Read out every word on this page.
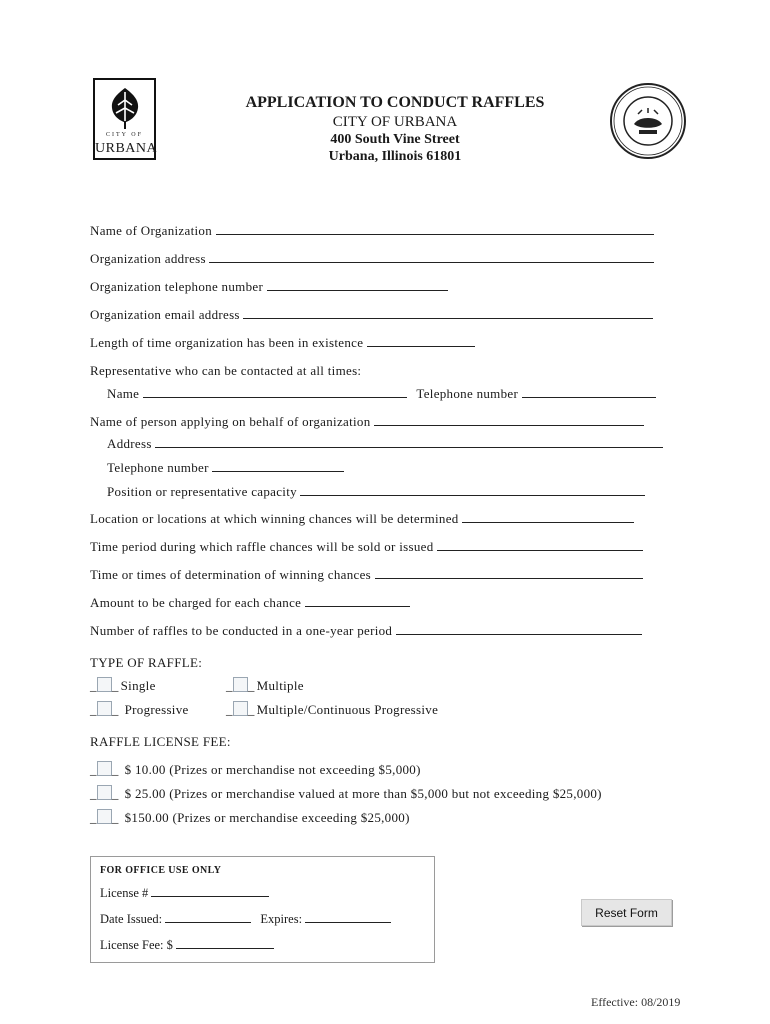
CITY OF
URBANA
APPLICATION TO CONDUCT RAFFLES
CITY OF URBANA
400 South Vine Street
Urbana, Illinois 61801
Name of Organization
Organization address
Organization telephone number
Organization email address
Length of time organization has been in existence
Representative who can be contacted at all times:
Name	Telephone number
Name of person applying on behalf of organization
Address
Telephone number
Position or representative capacity
Location or locations at which winning chances will be determined
Time period during which raffle chances will be sold or issued
Time or times of determination of winning chances
Amount to be charged for each chance
Number of raffles to be conducted in a one-year period
TYPE OF RAFFLE:
_ _ Single	_ _ Multiple
_ _ Progressive	_ _ Multiple/Continuous Progressive
RAFFLE LICENSE FEE:
_ _ $ 10.00 (Prizes or merchandise not exceeding $5,000)
_ _ $ 25.00 (Prizes or merchandise valued at more than $5,000 but not exceeding $25,000)
_ _ $150.00 (Prizes or merchandise exceeding $25,000)
FOR OFFICE USE ONLY
License #
Date Issued:	Expires:
License Fee: $
Reset Form
Effective: 08/2019
